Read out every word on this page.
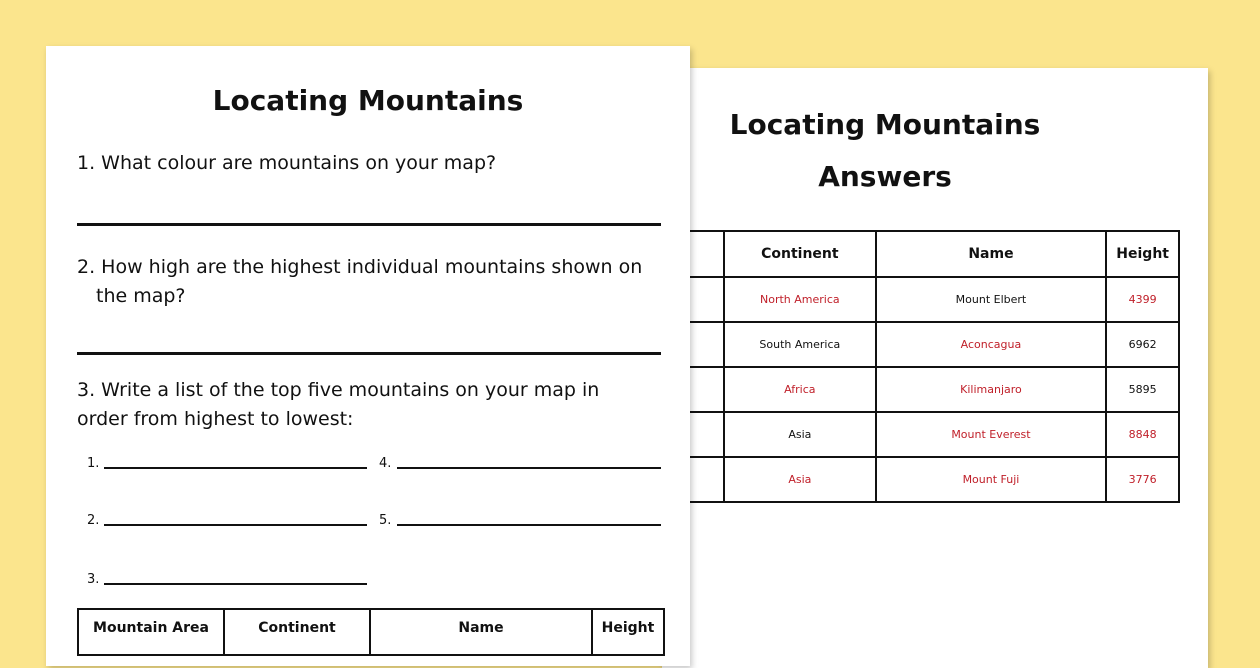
Locating Mountains
Answers
	Continent	Name	Height
	North America	Mount Elbert	4399
	South America	Aconcagua	6962
	Africa	Kilimanjaro	5895
	Asia	Mount Everest	8848
	Asia	Mount Fuji	3776
Locating Mountains

1. What colour are mountains on your map?

2. How high are the highest individual mountains shown on
the map?

3. Write a list of the top five mountains on your map in
order from highest to lowest:

1.	4.
2.	5.
3.
Mountain Area	Continent	Name	Height
